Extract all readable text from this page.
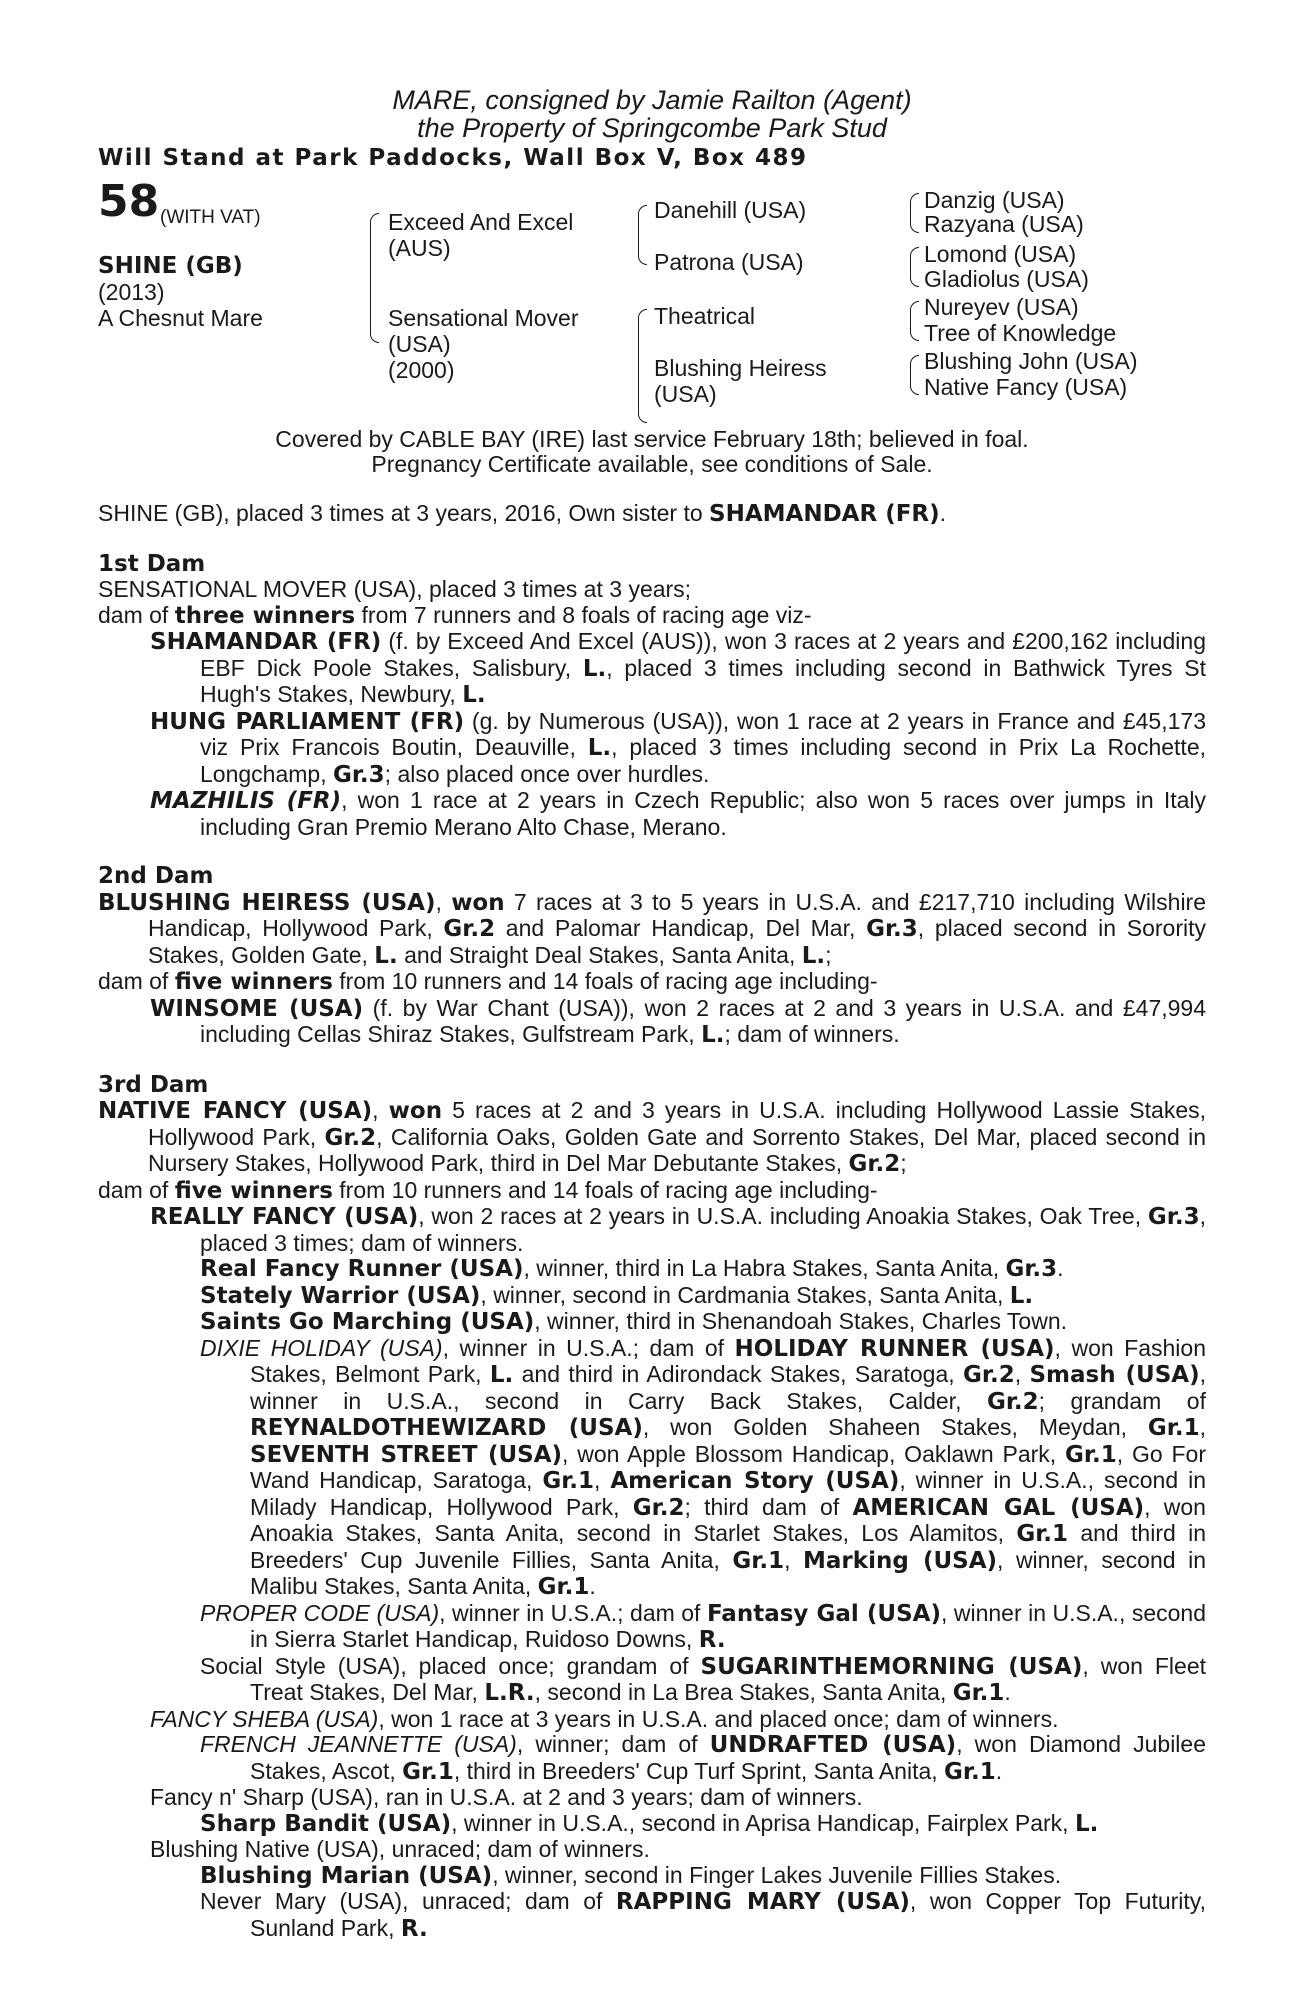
MARE, consigned by Jamie Railton (Agent)
the Property of Springcombe Park Stud
Will Stand at Park Paddocks, Wall Box V, Box 489
58 (WITH VAT)
SHINE (GB)
(2013)
A Chesnut Mare
Exceed And Excel
(AUS)
Sensational Mover
(USA)
(2000)
Danehill (USA)
Patrona (USA)
Theatrical
Blushing Heiress
(USA)
Danzig (USA)
Razyana (USA)
Lomond (USA)
Gladiolus (USA)
Nureyev (USA)
Tree of Knowledge
Blushing John (USA)
Native Fancy (USA)
Covered by CABLE BAY (IRE) last service February 18th; believed in foal.
Pregnancy Certificate available, see conditions of Sale.

SHINE (GB), placed 3 times at 3 years, 2016, Own sister to SHAMANDAR (FR).

1st Dam

SENSATIONAL MOVER (USA), placed 3 times at 3 years;

dam of three winners from 7 runners and 8 foals of racing age viz-

SHAMANDAR (FR) (f. by Exceed And Excel (AUS)), won 3 races at 2 years and £200,162 including EBF Dick Poole Stakes, Salisbury, L., placed 3 times including second in Bathwick Tyres St Hugh's Stakes, Newbury, L.

HUNG PARLIAMENT (FR) (g. by Numerous (USA)), won 1 race at 2 years in France and £45,173 viz Prix Francois Boutin, Deauville, L., placed 3 times including second in Prix La Rochette, Longchamp, Gr.3; also placed once over hurdles.

MAZHILIS (FR), won 1 race at 2 years in Czech Republic; also won 5 races over jumps in Italy including Gran Premio Merano Alto Chase, Merano.

2nd Dam

BLUSHING HEIRESS (USA), won 7 races at 3 to 5 years in U.S.A. and £217,710 including Wilshire Handicap, Hollywood Park, Gr.2 and Palomar Handicap, Del Mar, Gr.3, placed second in Sorority Stakes, Golden Gate, L. and Straight Deal Stakes, Santa Anita, L.;

dam of five winners from 10 runners and 14 foals of racing age including-

WINSOME (USA) (f. by War Chant (USA)), won 2 races at 2 and 3 years in U.S.A. and £47,994 including Cellas Shiraz Stakes, Gulfstream Park, L.; dam of winners.

3rd Dam

NATIVE FANCY (USA), won 5 races at 2 and 3 years in U.S.A. including Hollywood Lassie Stakes, Hollywood Park, Gr.2, California Oaks, Golden Gate and Sorrento Stakes, Del Mar, placed second in Nursery Stakes, Hollywood Park, third in Del Mar Debutante Stakes, Gr.2;

dam of five winners from 10 runners and 14 foals of racing age including-

REALLY FANCY (USA), won 2 races at 2 years in U.S.A. including Anoakia Stakes, Oak Tree, Gr.3, placed 3 times; dam of winners.

Real Fancy Runner (USA), winner, third in La Habra Stakes, Santa Anita, Gr.3.

Stately Warrior (USA), winner, second in Cardmania Stakes, Santa Anita, L.

Saints Go Marching (USA), winner, third in Shenandoah Stakes, Charles Town.

DIXIE HOLIDAY (USA), winner in U.S.A.; dam of HOLIDAY RUNNER (USA), won Fashion Stakes, Belmont Park, L. and third in Adirondack Stakes, Saratoga, Gr.2, Smash (USA), winner in U.S.A., second in Carry Back Stakes, Calder, Gr.2; grandam of REYNALDOTHEWIZARD (USA), won Golden Shaheen Stakes, Meydan, Gr.1, SEVENTH STREET (USA), won Apple Blossom Handicap, Oaklawn Park, Gr.1, Go For Wand Handicap, Saratoga, Gr.1, American Story (USA), winner in U.S.A., second in Milady Handicap, Hollywood Park, Gr.2; third dam of AMERICAN GAL (USA), won Anoakia Stakes, Santa Anita, second in Starlet Stakes, Los Alamitos, Gr.1 and third in Breeders' Cup Juvenile Fillies, Santa Anita, Gr.1, Marking (USA), winner, second in Malibu Stakes, Santa Anita, Gr.1.

PROPER CODE (USA), winner in U.S.A.; dam of Fantasy Gal (USA), winner in U.S.A., second in Sierra Starlet Handicap, Ruidoso Downs, R.

Social Style (USA), placed once; grandam of SUGARINTHEMORNING (USA), won Fleet Treat Stakes, Del Mar, L.R., second in La Brea Stakes, Santa Anita, Gr.1.

FANCY SHEBA (USA), won 1 race at 3 years in U.S.A. and placed once; dam of winners.

FRENCH JEANNETTE (USA), winner; dam of UNDRAFTED (USA), won Diamond Jubilee Stakes, Ascot, Gr.1, third in Breeders' Cup Turf Sprint, Santa Anita, Gr.1.

Fancy n' Sharp (USA), ran in U.S.A. at 2 and 3 years; dam of winners.

Sharp Bandit (USA), winner in U.S.A., second in Aprisa Handicap, Fairplex Park, L.

Blushing Native (USA), unraced; dam of winners.

Blushing Marian (USA), winner, second in Finger Lakes Juvenile Fillies Stakes.

Never Mary (USA), unraced; dam of RAPPING MARY (USA), won Copper Top Futurity, Sunland Park, R.
